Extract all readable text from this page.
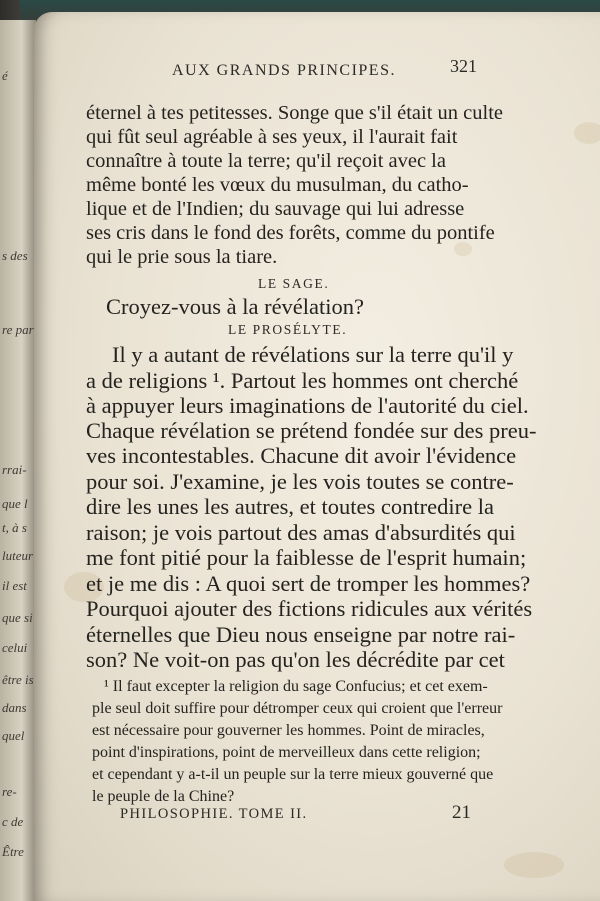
é
s des
re par
rrai-
que l
t, à s
luteur
il est
que si
celui
être is
dans
quel
re-
c de
Être
AUX GRANDS PRINCIPES.	321
éternel à tes petitesses. Songe que s'il était un culte
qui fût seul agréable à ses yeux, il l'aurait fait
connaître à toute la terre; qu'il reçoit avec la
même bonté les vœux du musulman, du catho-
lique et de l'Indien; du sauvage qui lui adresse
ses cris dans le fond des forêts, comme du pontife
qui le prie sous la tiare.
LE SAGE.
Croyez-vous à la révélation?
LE PROSÉLYTE.
Il y a autant de révélations sur la terre qu'il y
a de religions ¹. Partout les hommes ont cherché
à appuyer leurs imaginations de l'autorité du ciel.
Chaque révélation se prétend fondée sur des preu-
ves incontestables. Chacune dit avoir l'évidence
pour soi. J'examine, je les vois toutes se contre-
dire les unes les autres, et toutes contredire la
raison; je vois partout des amas d'absurdités qui
me font pitié pour la faiblesse de l'esprit humain;
et je me dis : A quoi sert de tromper les hommes?
Pourquoi ajouter des fictions ridicules aux vérités
éternelles que Dieu nous enseigne par notre rai-
son? Ne voit-on pas qu'on les décrédite par cet
¹ Il faut excepter la religion du sage Confucius; et cet exem-
ple seul doit suffire pour détromper ceux qui croient que l'erreur
est nécessaire pour gouverner les hommes. Point de miracles,
point d'inspirations, point de merveilleux dans cette religion;
et cependant y a-t-il un peuple sur la terre mieux gouverné que
le peuple de la Chine?
PHILOSOPHIE. TOME II.	21
